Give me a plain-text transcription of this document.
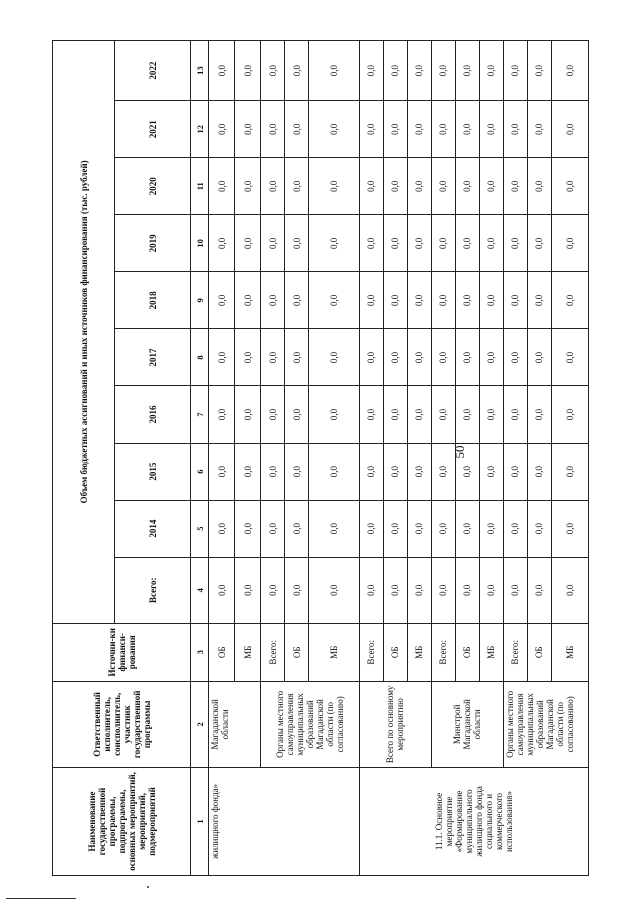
50
Наименование государственной программы, подпрограммы, основных мероприятий, мероприятий, подмероприятий	Ответственный исполнитель, соисполнитель, участник государственной программы	Источни-ки финанси-рования	Объем бюджетных ассигнований и иных источников финансирования (тыс. рублей)									
			Всего:	2014	2015	2016	2017	2018	2019	2020	2021	2022
1	2	3	4	5	6	7	8	9	10	11	12	13
жилищного фонда»	Магаданской области	ОБ	0,0	0,0	0,0	0,0	0,0	0,0	0,0	0,0	0,0	0,0
		МБ	0,0	0,0	0,0	0,0	0,0	0,0	0,0	0,0	0,0	0,0
	Органы местного самоуправления муниципальных образований Магаданской области (по согласованию)	Всего:	0,0	0,0	0,0	0,0	0,0	0,0	0,0	0,0	0,0	0,0
		ОБ	0,0	0,0	0,0	0,0	0,0	0,0	0,0	0,0	0,0	0,0
		МБ	0,0	0,0	0,0	0,0	0,0	0,0	0,0	0,0	0,0	0,0
11.1. Основное мероприятие «Формирование муниципального жилищного фонда социального и коммерческого использования»	Всего по основному мероприятию	Всего:	0,0	0,0	0,0	0,0	0,0	0,0	0,0	0,0	0,0	0,0
		ОБ	0,0	0,0	0,0	0,0	0,0	0,0	0,0	0,0	0,0	0,0
		МБ	0,0	0,0	0,0	0,0	0,0	0,0	0,0	0,0	0,0	0,0
	Минстрой Магаданской области	Всего:	0,0	0,0	0,0	0,0	0,0	0,0	0,0	0,0	0,0	0,0
		ОБ	0,0	0,0	0,0	0,0	0,0	0,0	0,0	0,0	0,0	0,0
		МБ	0,0	0,0	0,0	0,0	0,0	0,0	0,0	0,0	0,0	0,0
	Органы местного самоуправления муниципальных образований Магаданской области (по согласованию)	Всего:	0,0	0,0	0,0	0,0	0,0	0,0	0,0	0,0	0,0	0,0
		ОБ	0,0	0,0	0,0	0,0	0,0	0,0	0,0	0,0	0,0	0,0
		МБ	0,0	0,0	0,0	0,0	0,0	0,0	0,0	0,0	0,0	0,0
